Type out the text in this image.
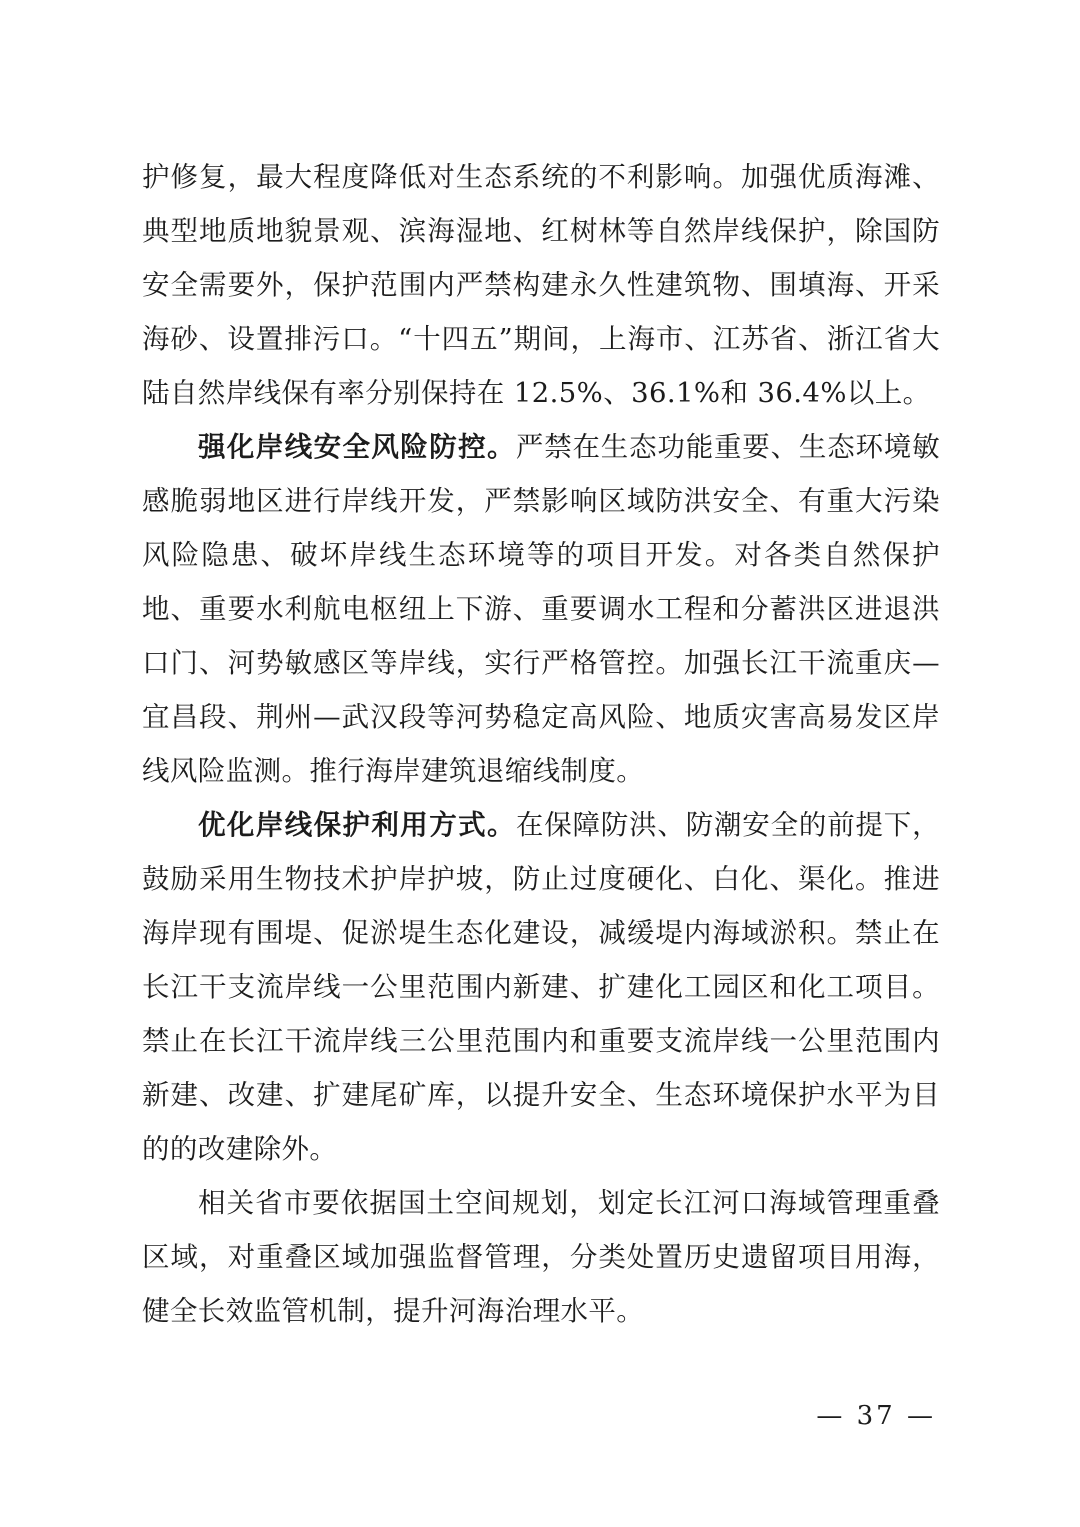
护修复，最大程度降低对生态系统的不利影响。加强优质海滩、典型地质地貌景观、滨海湿地、红树林等自然岸线保护，除国防安全需要外，保护范围内严禁构建永久性建筑物、围填海、开采海砂、设置排污口。“十四五”期间，上海市、江苏省、浙江省大陆自然岸线保有率分别保持在 12.5%、36.1%和 36.4%以上。

强化岸线安全风险防控。严禁在生态功能重要、生态环境敏感脆弱地区进行岸线开发，严禁影响区域防洪安全、有重大污染风险隐患、破坏岸线生态环境等的项目开发。对各类自然保护地、重要水利航电枢纽上下游、重要调水工程和分蓄洪区进退洪口门、河势敏感区等岸线，实行严格管控。加强长江干流重庆—宜昌段、荆州—武汉段等河势稳定高风险、地质灾害高易发区岸线风险监测。推行海岸建筑退缩线制度。

优化岸线保护利用方式。在保障防洪、防潮安全的前提下，鼓励采用生物技术护岸护坡，防止过度硬化、白化、渠化。推进海岸现有围堤、促淤堤生态化建设，减缓堤内海域淤积。禁止在长江干支流岸线一公里范围内新建、扩建化工园区和化工项目。禁止在长江干流岸线三公里范围内和重要支流岸线一公里范围内新建、改建、扩建尾矿库，以提升安全、生态环境保护水平为目的的改建除外。

相关省市要依据国土空间规划，划定长江河口海域管理重叠区域，对重叠区域加强监督管理，分类处置历史遗留项目用海，健全长效监管机制，提升河海治理水平。

— 37 —
